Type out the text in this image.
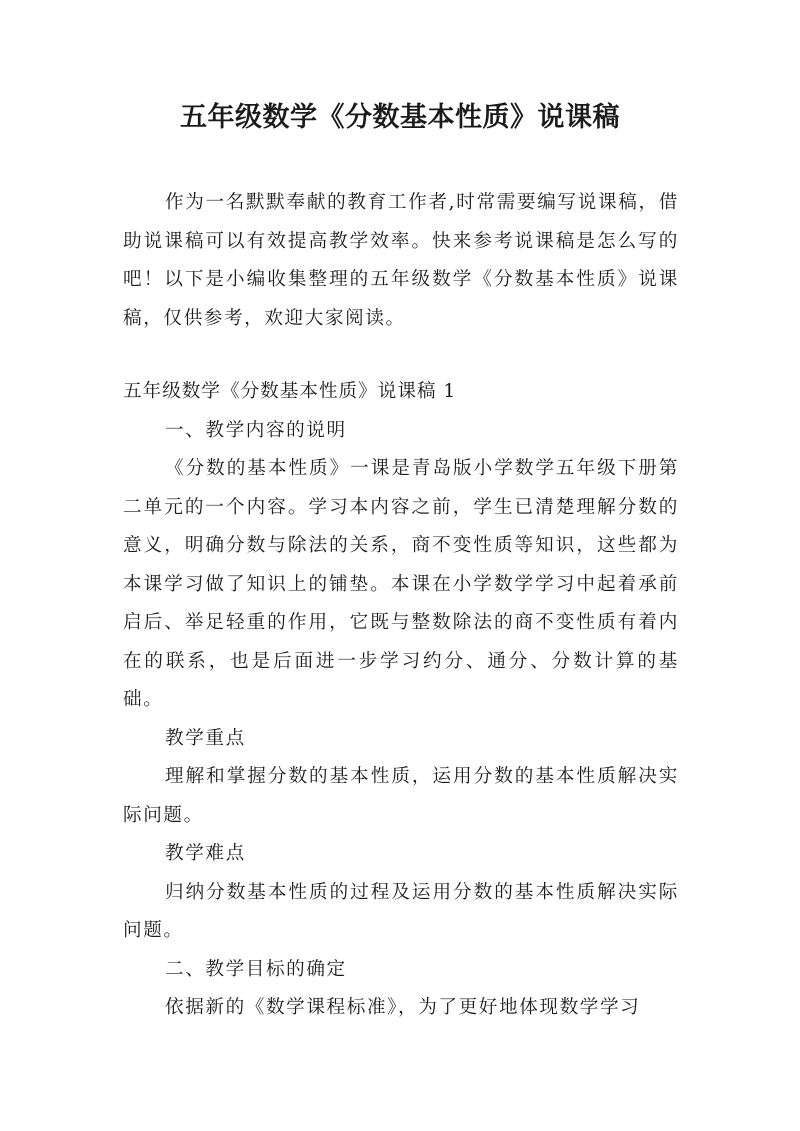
五年级数学《分数基本性质》说课稿

作为一名默默奉献的教育工作者,时常需要编写说课稿，借助说课稿可以有效提高教学效率。快来参考说课稿是怎么写的吧！以下是小编收集整理的五年级数学《分数基本性质》说课稿，仅供参考，欢迎大家阅读。

五年级数学《分数基本性质》说课稿 1

一、教学内容的说明

《分数的基本性质》一课是青岛版小学数学五年级下册第二单元的一个内容。学习本内容之前，学生已清楚理解分数的意义，明确分数与除法的关系，商不变性质等知识，这些都为本课学习做了知识上的铺垫。本课在小学数学学习中起着承前启后、举足轻重的作用，它既与整数除法的商不变性质有着内在的联系，也是后面进一步学习约分、通分、分数计算的基础。

教学重点

理解和掌握分数的基本性质，运用分数的基本性质解决实际问题。

教学难点

归纳分数基本性质的过程及运用分数的基本性质解决实际问题。

二、教学目标的确定

依据新的《数学课程标准》，为了更好地体现数学学习
